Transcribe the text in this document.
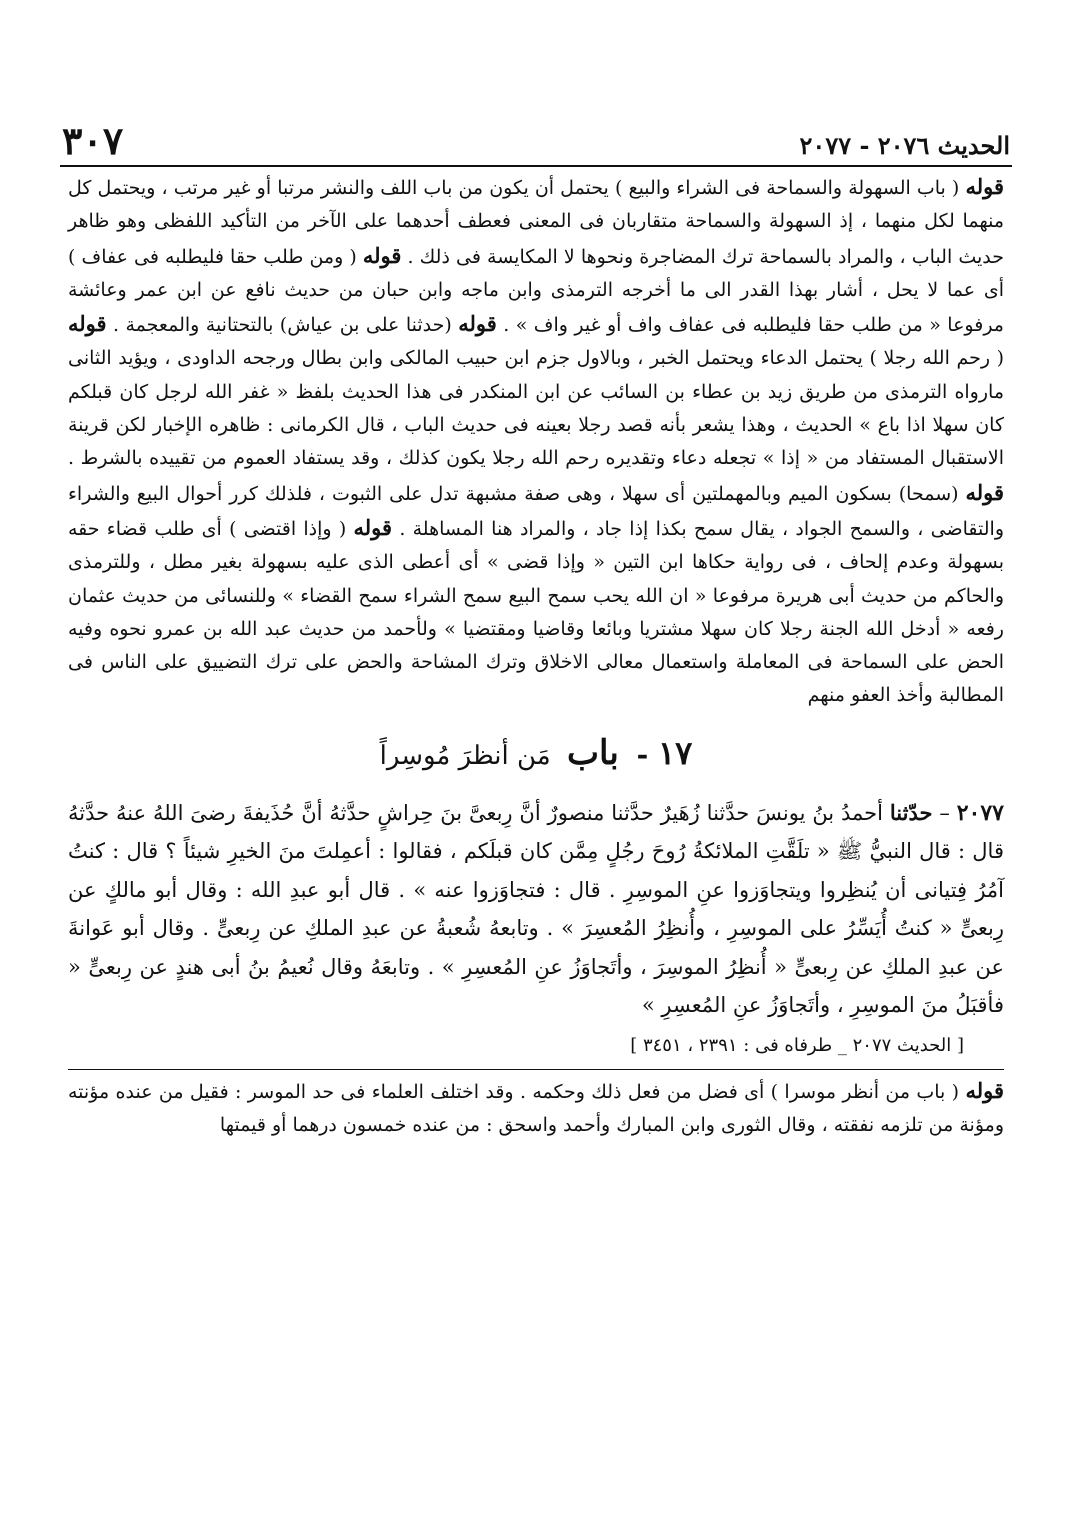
الحديث ٢٠٧٦ - ٢٠٧٧
٣٠٧

قوله ( باب السهولة والسماحة فى الشراء والبيع ) يحتمل أن يكون من باب اللف والنشر مرتبا أو غير مرتب ، ويحتمل كل منهما لكل منهما ، إذ السهولة والسماحة متقاربان فى المعنى فعطف أحدهما على الآخر من التأكيد اللفظى وهو ظاهر حديث الباب ، والمراد بالسماحة ترك المضاجرة ونحوها لا المكايسة فى ذلك . قوله ( ومن طلب حقا فليطلبه فى عفاف ) أى عما لا يحل ، أشار بهذا القدر الى ما أخرجه الترمذى وابن ماجه وابن حبان من حديث نافع عن ابن عمر وعائشة مرفوعا « من طلب حقا فليطلبه فى عفاف واف أو غير واف » . قوله (حدثنا على بن عياش) بالتحتانية والمعجمة . قوله ( رحم الله رجلا ) يحتمل الدعاء ويحتمل الخبر ، وبالاول جزم ابن حبيب المالكى وابن بطال ورجحه الداودى ، ويؤيد الثانى مارواه الترمذى من طريق زيد بن عطاء بن السائب عن ابن المنكدر فى هذا الحديث بلفظ « غفر الله لرجل كان قبلكم كان سهلا اذا باع » الحديث ، وهذا يشعر بأنه قصد رجلا بعينه فى حديث الباب ، قال الكرمانى : ظاهره الإخبار لكن قرينة الاستقبال المستفاد من « إذا » تجعله دعاء وتقديره رحم الله رجلا يكون كذلك ، وقد يستفاد العموم من تقييده بالشرط . قوله (سمحا) بسكون الميم وبالمهملتين أى سهلا ، وهى صفة مشبهة تدل على الثبوت ، فلذلك كرر أحوال البيع والشراء والتقاضى ، والسمح الجواد ، يقال سمح بكذا إذا جاد ، والمراد هنا المساهلة . قوله ( وإذا اقتضى ) أى طلب قضاء حقه بسهولة وعدم إلحاف ، فى رواية حكاها ابن التين « وإذا قضى » أى أعطى الذى عليه بسهولة بغير مطل ، وللترمذى والحاكم من حديث أبى هريرة مرفوعا « ان الله يحب سمح البيع سمح الشراء سمح القضاء » وللنسائى من حديث عثمان رفعه « أدخل الله الجنة رجلا كان سهلا مشتريا وبائعا وقاضيا ومقتضيا » ولأحمد من حديث عبد الله بن عمرو نحوه وفيه الحض على السماحة فى المعاملة واستعمال معالى الاخلاق وترك المشاحة والحض على ترك التضييق على الناس فى المطالبة وأخذ العفو منهم

١٧ - باب مَن أنظرَ مُوسِراً

٢٠٧٧ – حدّثنا أحمدُ بنُ يونسَ حدَّثنا زُهَيرٌ حدَّثنا منصورٌ أنَّ رِبعىَّ بنَ حِراشٍ حدَّثهُ أنَّ حُذَيفةَ رضىَ اللهُ عنهُ حدَّثهُ قال : قال النبيُّ ﷺ « تلَقَّتِ الملائكةُ رُوحَ رجُلٍ مِمَّن كان قبلَكم ، فقالوا : أعمِلتَ منَ الخيرِ شيئاً ؟ قال : كنتُ آمُرُ فِتيانى أن يُنظِروا ويتجاوَزوا عنِ الموسِرِ . قال : فتجاوَزوا عنه » . قال أبو عبدِ الله : وقال أبو مالكٍ عن رِبعىٍّ « كنتُ أُيَسِّرُ على الموسِرِ ، وأُنظِرُ المُعسِرَ » . وتابعهُ شُعبةُ عن عبدِ الملكِ عن رِبعىٍّ . وقال أبو عَوانةَ عن عبدِ الملكِ عن رِبعىٍّ « أُنظِرُ الموسِرَ ، وأتَجاوَزُ عنِ المُعسِرِ » . وتابعَهُ وقال نُعيمُ بنُ أبى هندٍ عن رِبعىٍّ « فأقبَلُ منَ الموسِرِ ، وأتَجاوَزُ عنِ المُعسِرِ »

[ الحديث ٢٠٧٧ _ طرفاه فى : ٢٣٩١ ، ٣٤٥١ ]

قوله ( باب من أنظر موسرا ) أى فضل من فعل ذلك وحكمه . وقد اختلف العلماء فى حد الموسر : فقيل من عنده مؤنته ومؤنة من تلزمه نفقته ، وقال الثورى وابن المبارك وأحمد واسحق : من عنده خمسون درهما أو قيمتها
